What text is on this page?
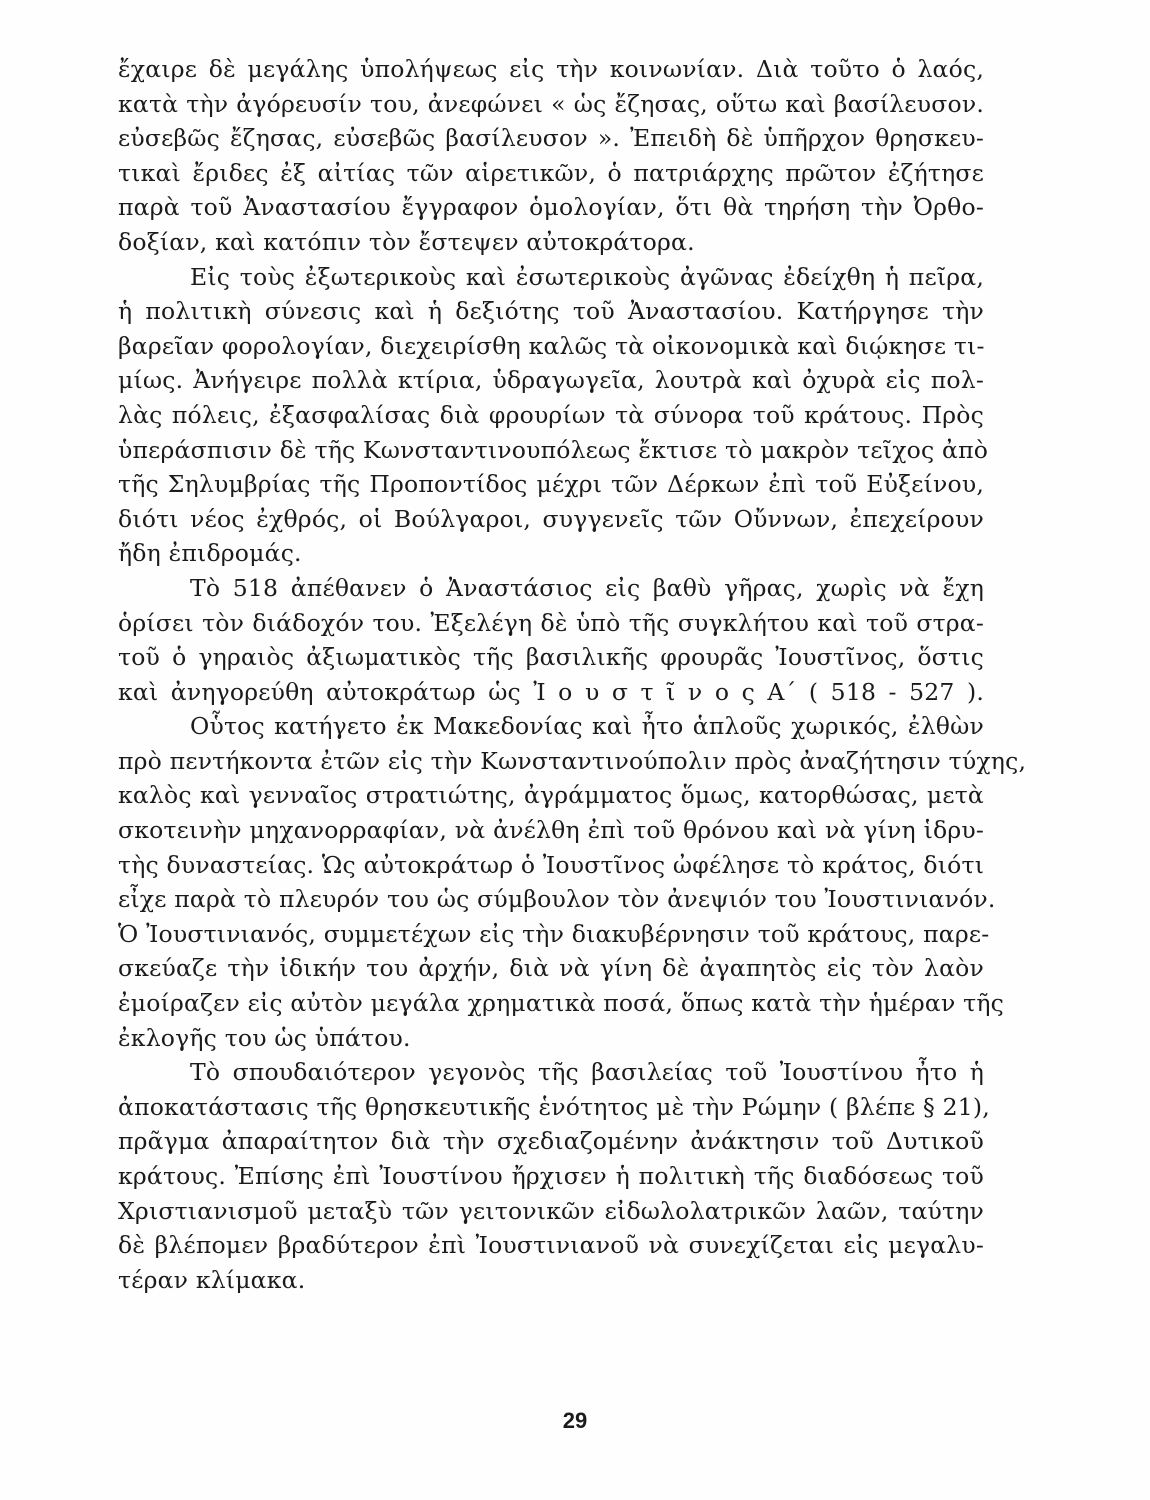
ἔχαιρε δὲ μεγάλης ὑπολήψεως εἰς τὴν κοινωνίαν. Διὰ τοῦτο ὁ λαός,
κατὰ τὴν ἀγόρευσίν του, ἀνεφώνει « ὡς ἔζησας, οὕτω καὶ βασίλευσον.
εὐσεβῶς ἔζησας, εὐσεβῶς βασίλευσον ». Ἐπειδὴ δὲ ὑπῆρχον θρησκευ-
τικαὶ ἔριδες ἐξ αἰτίας τῶν αἱρετικῶν, ὁ πατριάρχης πρῶτον ἐζήτησε
παρὰ τοῦ Ἀναστασίου ἔγγραφον ὁμολογίαν, ὅτι θὰ τηρήση τὴν Ὀρθο-
δοξίαν, καὶ κατόπιν τὸν ἔστεψεν αὐτοκράτορα.
Εἰς τοὺς ἐξωτερικοὺς καὶ ἐσωτερικοὺς ἀγῶνας ἐδείχθη ἡ πεῖρα,
ἡ πολιτικὴ σύνεσις καὶ ἡ δεξιότης τοῦ Ἀναστασίου. Κατήργησε τὴν
βαρεῖαν φορολογίαν, διεχειρίσθη καλῶς τὰ οἰκονομικὰ καὶ διῴκησε τι-
μίως. Ἀνήγειρε πολλὰ κτίρια, ὑδραγωγεῖα, λουτρὰ καὶ ὀχυρὰ εἰς πολ-
λὰς πόλεις, ἐξασφαλίσας διὰ φρουρίων τὰ σύνορα τοῦ κράτους. Πρὸς
ὑπεράσπισιν δὲ τῆς Κωνσταντινουπόλεως ἔκτισε τὸ μακρὸν τεῖχος ἀπὸ
τῆς Σηλυμβρίας τῆς Προποντίδος μέχρι τῶν Δέρκων ἐπὶ τοῦ Εὐξείνου,
διότι νέος ἐχθρός, οἱ Βούλγαροι, συγγενεῖς τῶν Οὔννων, ἐπεχείρουν
ἤδη ἐπιδρομάς.
Τὸ 518 ἀπέθανεν ὁ Ἀναστάσιος εἰς βαθὺ γῆρας, χωρὶς νὰ ἔχη
ὁρίσει τὸν διάδοχόν του. Ἐξελέγη δὲ ὑπὸ τῆς συγκλήτου καὶ τοῦ στρα-
τοῦ ὁ γηραιὸς ἀξιωματικὸς τῆς βασιλικῆς φρουρᾶς Ἰουστῖνος, ὅστις
καὶ ἀνηγορεύθη αὐτοκράτωρ ὡς Ἰ ο υ σ τ ῖ ν ο ς Α΄ ( 518 - 527 ).
Οὗτος κατήγετο ἐκ Μακεδονίας καὶ ἦτο ἁπλοῦς χωρικός, ἐλθὼν
πρὸ πεντήκοντα ἐτῶν εἰς τὴν Κωνσταντινούπολιν πρὸς ἀναζήτησιν τύχης,
καλὸς καὶ γενναῖος στρατιώτης, ἀγράμματος ὅμως, κατορθώσας, μετὰ
σκοτεινὴν μηχανορραφίαν, νὰ ἀνέλθη ἐπὶ τοῦ θρόνου καὶ νὰ γίνη ἱδρυ-
τὴς δυναστείας. Ὡς αὐτοκράτωρ ὁ Ἰουστῖνος ὠφέλησε τὸ κράτος, διότι
εἶχε παρὰ τὸ πλευρόν του ὡς σύμβουλον τὸν ἀνεψιόν του Ἰουστινιανόν.
Ὁ Ἰουστινιανός, συμμετέχων εἰς τὴν διακυβέρνησιν τοῦ κράτους, παρε-
σκεύαζε τὴν ἰδικήν του ἀρχήν, διὰ νὰ γίνη δὲ ἀγαπητὸς εἰς τὸν λαὸν
ἐμοίραζεν εἰς αὐτὸν μεγάλα χρηματικὰ ποσά, ὅπως κατὰ τὴν ἡμέραν τῆς
ἐκλογῆς του ὡς ὑπάτου.
Τὸ σπουδαιότερον γεγονὸς τῆς βασιλείας τοῦ Ἰουστίνου ἦτο ἡ
ἀποκατάστασις τῆς θρησκευτικῆς ἑνότητος μὲ τὴν Ρώμην ( βλέπε § 21),
πρᾶγμα ἀπαραίτητον διὰ τὴν σχεδιαζομένην ἀνάκτησιν τοῦ Δυτικοῦ
κράτους. Ἐπίσης ἐπὶ Ἰουστίνου ἤρχισεν ἡ πολιτικὴ τῆς διαδόσεως τοῦ
Χριστιανισμοῦ μεταξὺ τῶν γειτονικῶν εἰδωλολατρικῶν λαῶν, ταύτην
δὲ βλέπομεν βραδύτερον ἐπὶ Ἰουστινιανοῦ νὰ συνεχίζεται εἰς μεγαλυ-
τέραν κλίμακα.
29
